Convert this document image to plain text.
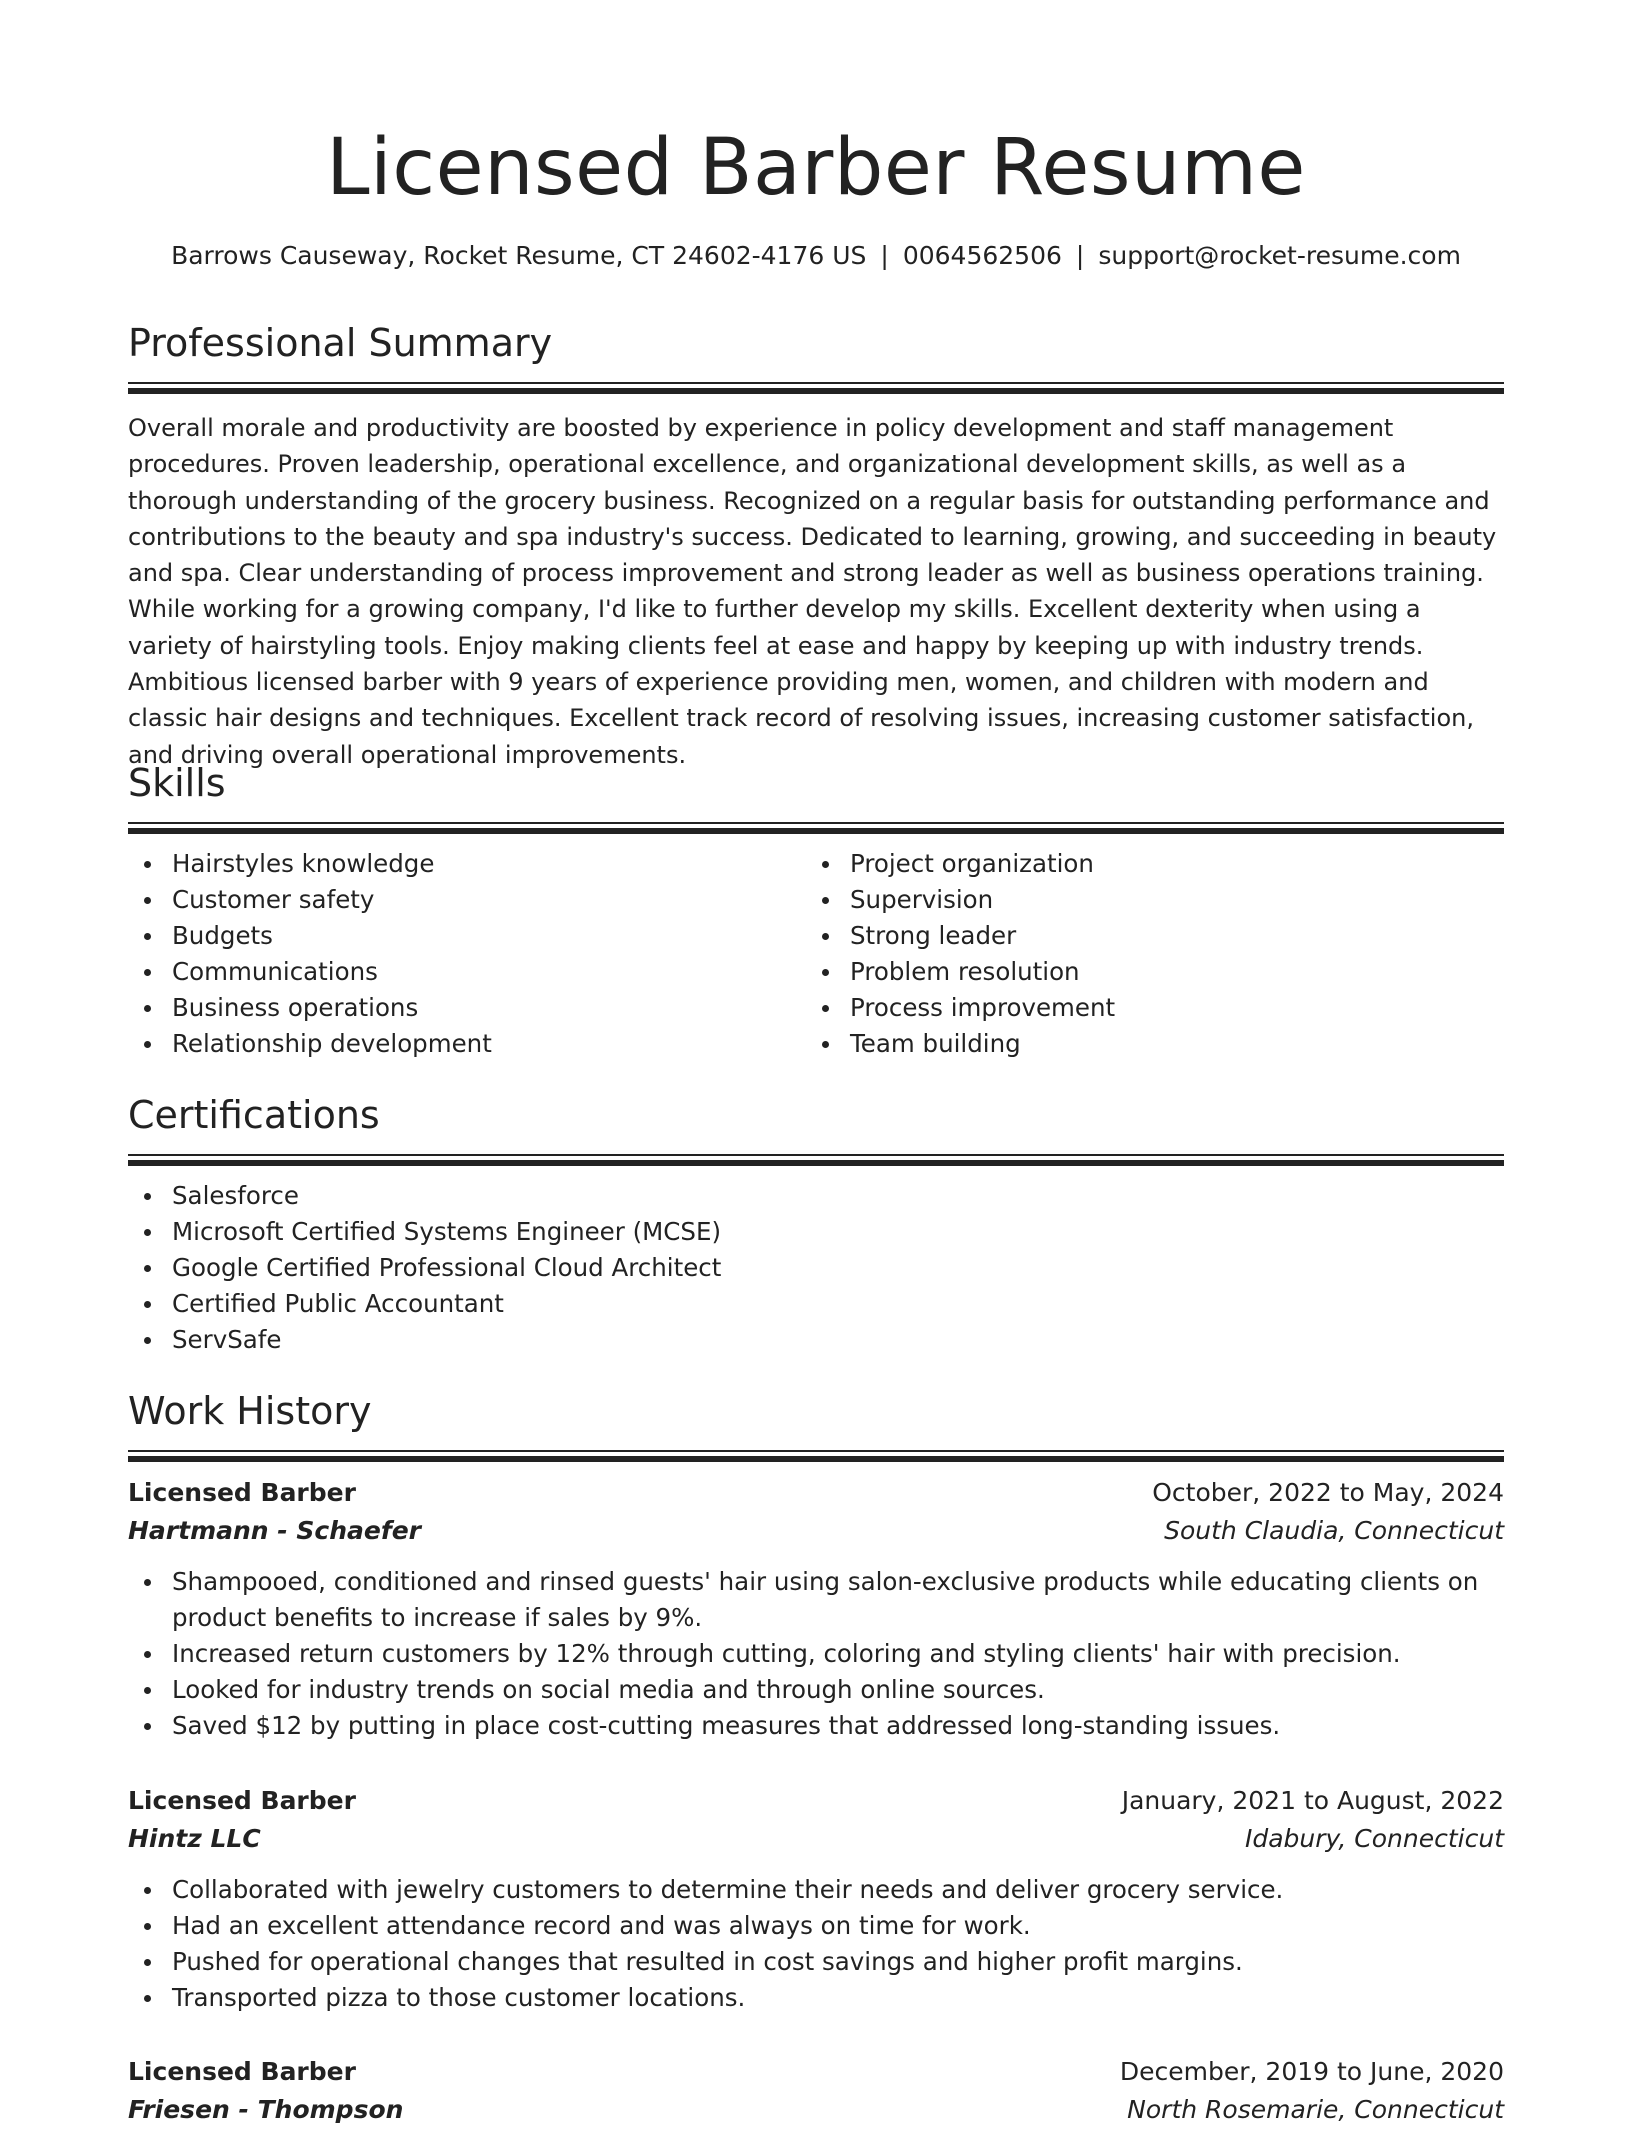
Licensed Barber Resume
Barrows Causeway, Rocket Resume, CT 24602-4176 US | 0064562506 | support@rocket-resume.com
Professional Summary

Overall morale and productivity are boosted by experience in policy development and staff management procedures. Proven leadership, operational excellence, and organizational development skills, as well as a thorough understanding of the grocery business. Recognized on a regular basis for outstanding performance and contributions to the beauty and spa industry's success. Dedicated to learning, growing, and succeeding in beauty and spa. Clear understanding of process improvement and strong leader as well as business operations training. While working for a growing company, I'd like to further develop my skills. Excellent dexterity when using a variety of hairstyling tools. Enjoy making clients feel at ease and happy by keeping up with industry trends. Ambitious licensed barber with 9 years of experience providing men, women, and children with modern and classic hair designs and techniques. Excellent track record of resolving issues, increasing customer satisfaction, and driving overall operational improvements.

Skills
Hairstyles knowledge
Customer safety
Budgets
Communications
Business operations
Relationship development
Project organization
Supervision
Strong leader
Problem resolution
Process improvement
Team building
Certifications
Salesforce
Microsoft Certified Systems Engineer (MCSE)
Google Certified Professional Cloud Architect
Certified Public Accountant
ServSafe
Work History
Licensed Barber	October, 2022 to May, 2024
Hartmann - Schaefer	South Claudia, Connecticut
Shampooed, conditioned and rinsed guests' hair using salon-exclusive products while educating clients on product benefits to increase if sales by 9%.
Increased return customers by 12% through cutting, coloring and styling clients' hair with precision.
Looked for industry trends on social media and through online sources.
Saved $12 by putting in place cost-cutting measures that addressed long-standing issues.
Licensed Barber	January, 2021 to August, 2022
Hintz LLC	Idabury, Connecticut
Collaborated with jewelry customers to determine their needs and deliver grocery service.
Had an excellent attendance record and was always on time for work.
Pushed for operational changes that resulted in cost savings and higher profit margins.
Transported pizza to those customer locations.
Licensed Barber	December, 2019 to June, 2020
Friesen - Thompson	North Rosemarie, Connecticut
